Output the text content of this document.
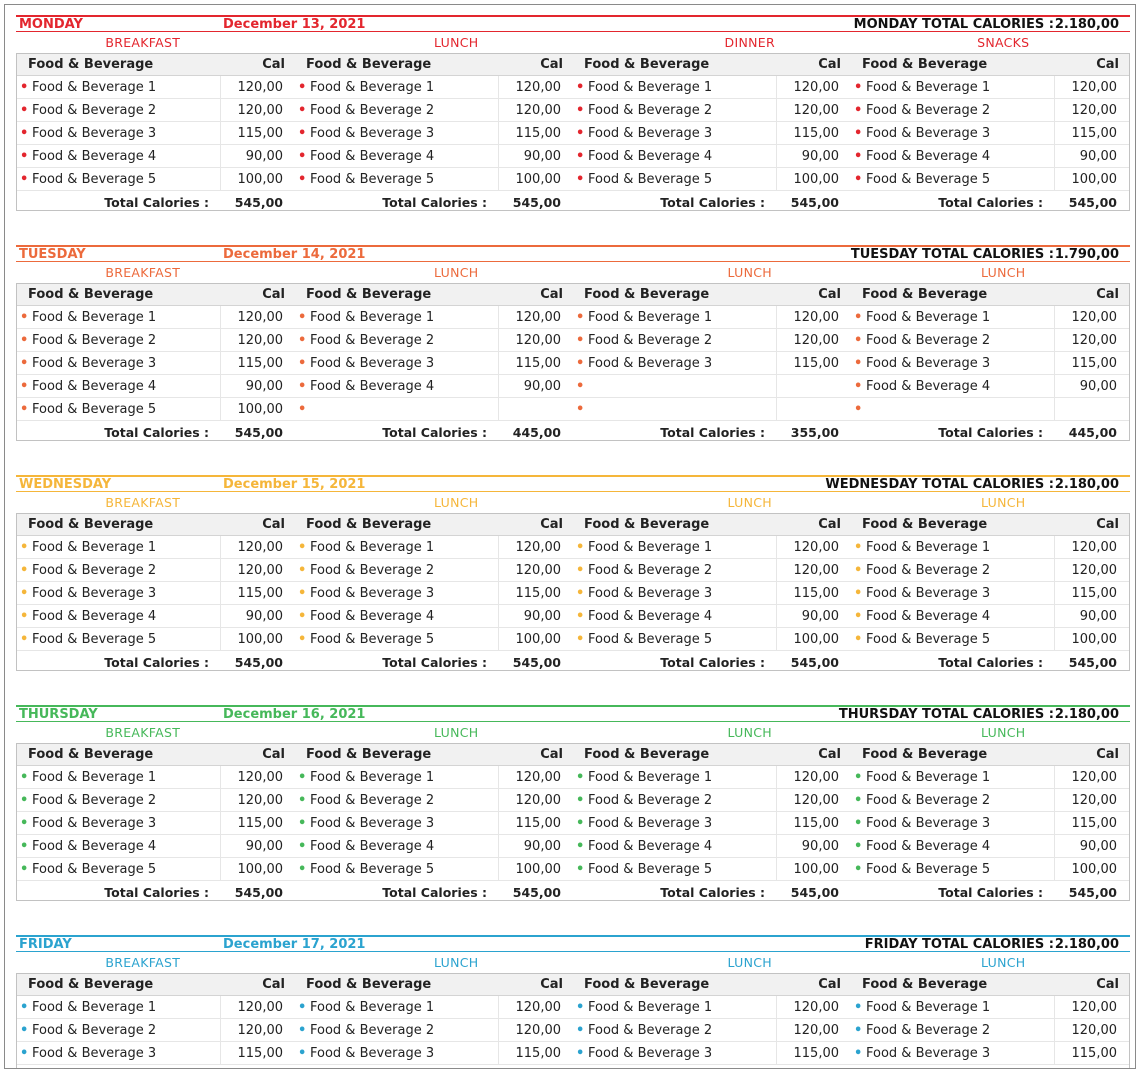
MONDAY	December 13, 2021	MONDAY TOTAL CALORIES : 2.180,00
BREAKFAST	LUNCH	DINNER	SNACKS
Food & Beverage	Cal
• Food & Beverage 1	120,00
• Food & Beverage 2	120,00
• Food & Beverage 3	115,00
• Food & Beverage 4	90,00
• Food & Beverage 5	100,00
Total Calories :	545,00
Food & Beverage	Cal
• Food & Beverage 1	120,00
• Food & Beverage 2	120,00
• Food & Beverage 3	115,00
• Food & Beverage 4	90,00
• Food & Beverage 5	100,00
Total Calories :	545,00
Food & Beverage	Cal
• Food & Beverage 1	120,00
• Food & Beverage 2	120,00
• Food & Beverage 3	115,00
• Food & Beverage 4	90,00
• Food & Beverage 5	100,00
Total Calories :	545,00
Food & Beverage	Cal
• Food & Beverage 1	120,00
• Food & Beverage 2	120,00
• Food & Beverage 3	115,00
• Food & Beverage 4	90,00
• Food & Beverage 5	100,00
Total Calories :	545,00
TUESDAY	December 14, 2021	TUESDAY TOTAL CALORIES : 1.790,00
BREAKFAST	LUNCH	LUNCH	LUNCH
Food & Beverage	Cal
• Food & Beverage 1	120,00
• Food & Beverage 2	120,00
• Food & Beverage 3	115,00
• Food & Beverage 4	90,00
• Food & Beverage 5	100,00
Total Calories :	545,00
Food & Beverage	Cal
• Food & Beverage 1	120,00
• Food & Beverage 2	120,00
• Food & Beverage 3	115,00
• Food & Beverage 4	90,00
•
Total Calories :	445,00
Food & Beverage	Cal
• Food & Beverage 1	120,00
• Food & Beverage 2	120,00
• Food & Beverage 3	115,00
•
•
Total Calories :	355,00
Food & Beverage	Cal
• Food & Beverage 1	120,00
• Food & Beverage 2	120,00
• Food & Beverage 3	115,00
• Food & Beverage 4	90,00
•
Total Calories :	445,00
WEDNESDAY	December 15, 2021	WEDNESDAY TOTAL CALORIES : 2.180,00
BREAKFAST	LUNCH	LUNCH	LUNCH
Food & Beverage	Cal
• Food & Beverage 1	120,00
• Food & Beverage 2	120,00
• Food & Beverage 3	115,00
• Food & Beverage 4	90,00
• Food & Beverage 5	100,00
Total Calories :	545,00
Food & Beverage	Cal
• Food & Beverage 1	120,00
• Food & Beverage 2	120,00
• Food & Beverage 3	115,00
• Food & Beverage 4	90,00
• Food & Beverage 5	100,00
Total Calories :	545,00
Food & Beverage	Cal
• Food & Beverage 1	120,00
• Food & Beverage 2	120,00
• Food & Beverage 3	115,00
• Food & Beverage 4	90,00
• Food & Beverage 5	100,00
Total Calories :	545,00
Food & Beverage	Cal
• Food & Beverage 1	120,00
• Food & Beverage 2	120,00
• Food & Beverage 3	115,00
• Food & Beverage 4	90,00
• Food & Beverage 5	100,00
Total Calories :	545,00
THURSDAY	December 16, 2021	THURSDAY TOTAL CALORIES : 2.180,00
BREAKFAST	LUNCH	LUNCH	LUNCH
Food & Beverage	Cal
• Food & Beverage 1	120,00
• Food & Beverage 2	120,00
• Food & Beverage 3	115,00
• Food & Beverage 4	90,00
• Food & Beverage 5	100,00
Total Calories :	545,00
Food & Beverage	Cal
• Food & Beverage 1	120,00
• Food & Beverage 2	120,00
• Food & Beverage 3	115,00
• Food & Beverage 4	90,00
• Food & Beverage 5	100,00
Total Calories :	545,00
Food & Beverage	Cal
• Food & Beverage 1	120,00
• Food & Beverage 2	120,00
• Food & Beverage 3	115,00
• Food & Beverage 4	90,00
• Food & Beverage 5	100,00
Total Calories :	545,00
Food & Beverage	Cal
• Food & Beverage 1	120,00
• Food & Beverage 2	120,00
• Food & Beverage 3	115,00
• Food & Beverage 4	90,00
• Food & Beverage 5	100,00
Total Calories :	545,00
FRIDAY	December 17, 2021	FRIDAY TOTAL CALORIES : 2.180,00
BREAKFAST	LUNCH	LUNCH	LUNCH
Food & Beverage	Cal
• Food & Beverage 1	120,00
• Food & Beverage 2	120,00
• Food & Beverage 3	115,00
Food & Beverage	Cal
• Food & Beverage 1	120,00
• Food & Beverage 2	120,00
• Food & Beverage 3	115,00
Food & Beverage	Cal
• Food & Beverage 1	120,00
• Food & Beverage 2	120,00
• Food & Beverage 3	115,00
Food & Beverage	Cal
• Food & Beverage 1	120,00
• Food & Beverage 2	120,00
• Food & Beverage 3	115,00
